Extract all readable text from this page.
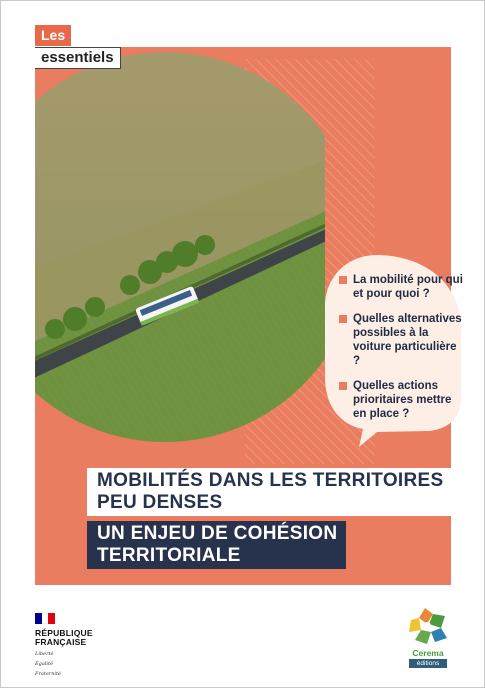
Les
essentiels
La mobilité pour qui et pour quoi ?
Quelles alternatives possibles à la voiture particulière ?
Quelles actions prioritaires mettre en place ?
MOBILITÉS DANS LES TERRITOIRES
PEU DENSES
UN ENJEU DE COHÉSION
TERRITORIALE
RÉPUBLIQUE
FRANÇAISE
Liberté
Égalité
Fraternité
Cerema
éditions
